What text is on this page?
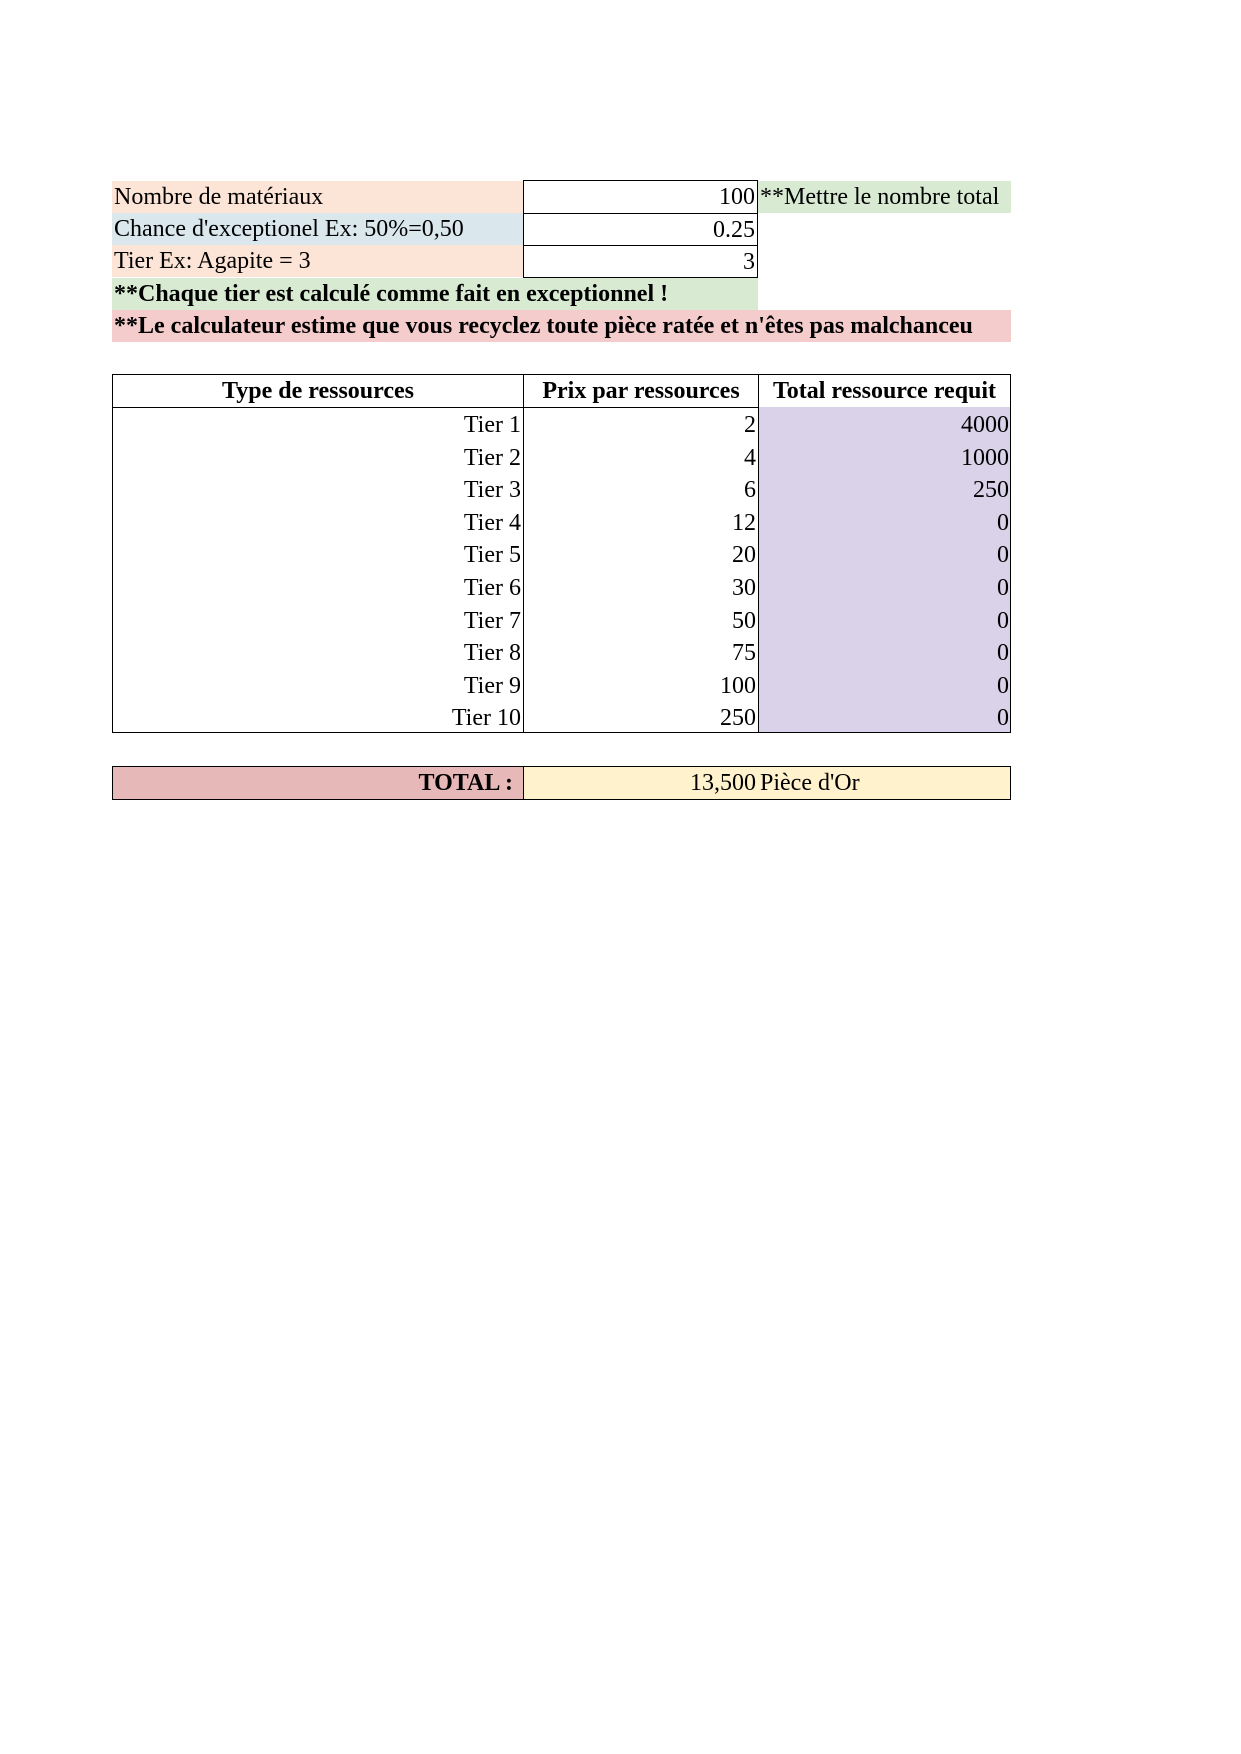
Nombre de matériaux	100 **Mettre le nombre total
Chance d'exceptionel Ex: 50%=0,50	0.25
Tier Ex: Agapite = 3	3
**Chaque tier est calculé comme fait en exceptionnel !
**Le calculateur estime que vous recyclez toute pièce ratée et n'êtes pas malchanceu
Type de ressources	Prix par ressources	Total ressource requit
Tier 1	2	4000
Tier 2	4	1000
Tier 3	6	250
Tier 4	12	0
Tier 5	20	0
Tier 6	30	0
Tier 7	50	0
Tier 8	75	0
Tier 9	100	0
Tier 10	250	0
TOTAL :	13,500 Pièce d'Or
